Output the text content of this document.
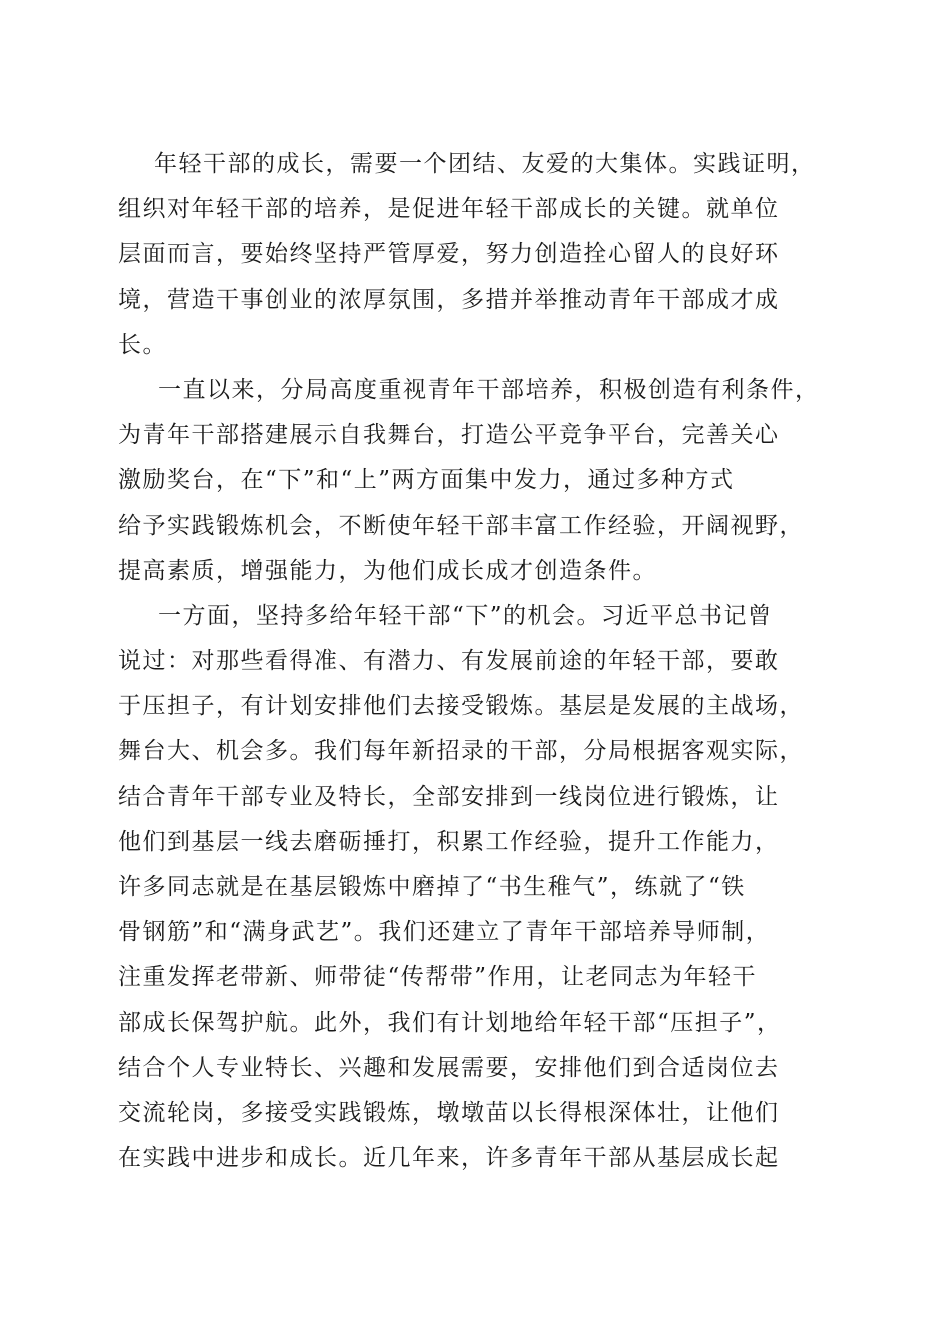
年轻干部的成长，需要一个团结、友爱的大集体。实践证明，
组织对年轻干部的培养，是促进年轻干部成长的关键。就单位
层面而言，要始终坚持严管厚爱，努力创造拴心留人的良好环
境，营造干事创业的浓厚氛围，多措并举推动青年干部成才成
长。
一直以来，分局高度重视青年干部培养，积极创造有利条件，
为青年干部搭建展示自我舞台，打造公平竞争平台，完善关心
激励奖台，在“下”和“上”两方面集中发力，通过多种方式
给予实践锻炼机会，不断使年轻干部丰富工作经验，开阔视野，
提高素质，增强能力，为他们成长成才创造条件。
一方面，坚持多给年轻干部“下”的机会。习近平总书记曾
说过：对那些看得准、有潜力、有发展前途的年轻干部，要敢
于压担子，有计划安排他们去接受锻炼。基层是发展的主战场，
舞台大、机会多。我们每年新招录的干部，分局根据客观实际，
结合青年干部专业及特长，全部安排到一线岗位进行锻炼，让
他们到基层一线去磨砺捶打，积累工作经验，提升工作能力，
许多同志就是在基层锻炼中磨掉了“书生稚气”，练就了“铁
骨钢筋”和“满身武艺”。我们还建立了青年干部培养导师制，
注重发挥老带新、师带徒“传帮带”作用，让老同志为年轻干
部成长保驾护航。此外，我们有计划地给年轻干部“压担子”，
结合个人专业特长、兴趣和发展需要，安排他们到合适岗位去
交流轮岗，多接受实践锻炼，墩墩苗以长得根深体壮，让他们
在实践中进步和成长。近几年来，许多青年干部从基层成长起
